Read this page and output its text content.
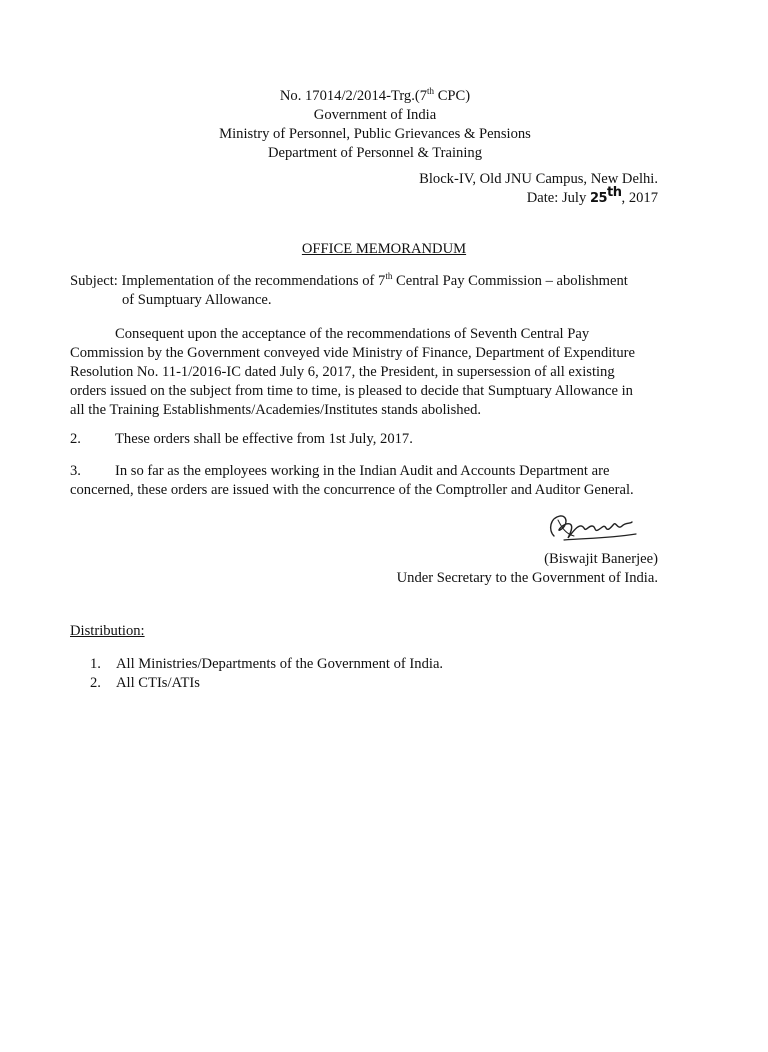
No. 17014/2/2014-Trg.(7th CPC)
Government of India
Ministry of Personnel, Public Grievances & Pensions
Department of Personnel & Training
Block-IV, Old JNU Campus, New Delhi.
Date: July 25th, 2017
OFFICE MEMORANDUM
Subject: Implementation of the recommendations of 7th Central Pay Commission – abolishment
of Sumptuary Allowance.
Consequent upon the acceptance of the recommendations of Seventh Central Pay
Commission by the Government conveyed vide Ministry of Finance, Department of Expenditure
Resolution No. 11-1/2016-IC dated July 6, 2017, the President, in supersession of all existing
orders issued on the subject from time to time, is pleased to decide that Sumptuary Allowance in
all the Training Establishments/Academies/Institutes stands abolished.
2. These orders shall be effective from 1st July, 2017.
3. In so far as the employees working in the Indian Audit and Accounts Department are
concerned, these orders are issued with the concurrence of the Comptroller and Auditor General.
(Biswajit Banerjee)
Under Secretary to the Government of India.
Distribution:
1. All Ministries/Departments of the Government of India.
2. All CTIs/ATIs
